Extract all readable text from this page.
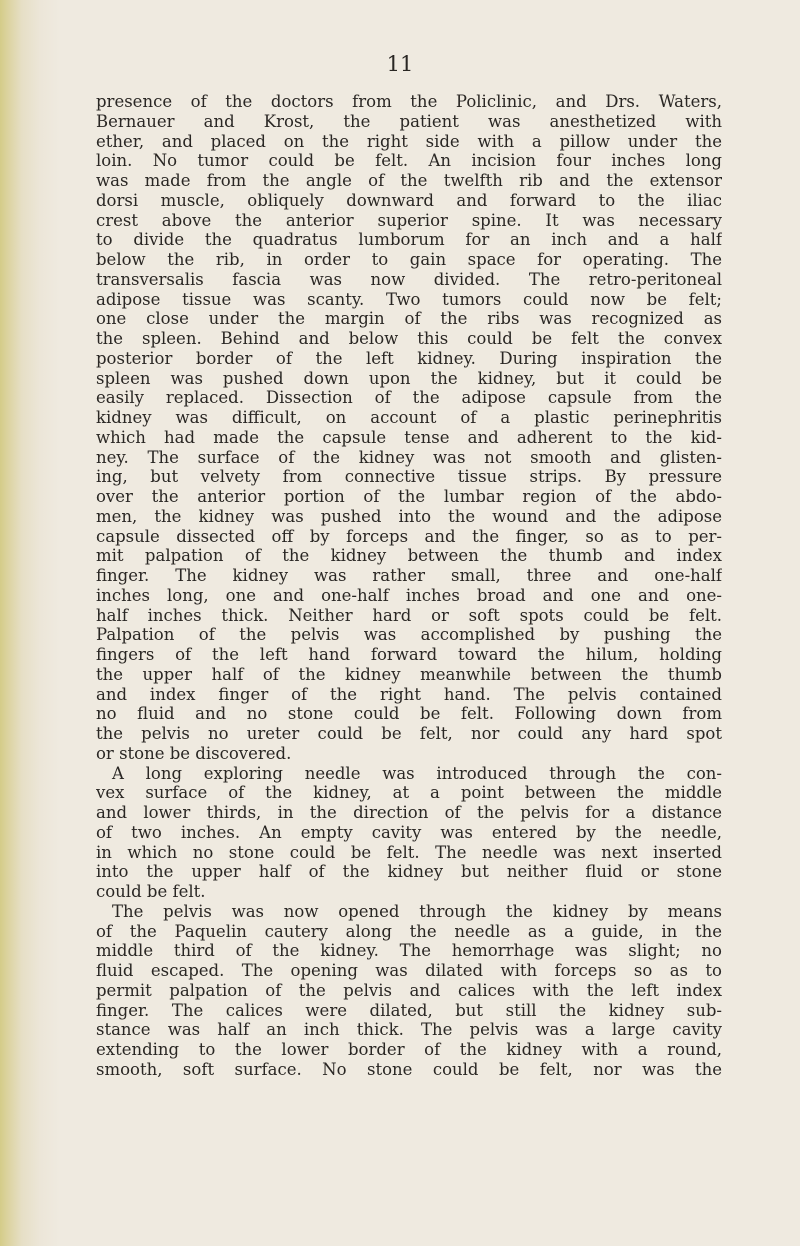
11
presence of the doctors from the Policlinic, and Drs. Waters,
Bernauer and Krost, the patient was anesthetized with
ether, and placed on the right side with a pillow under the
loin. No tumor could be felt. An incision four inches long
was made from the angle of the twelfth rib and the extensor
dorsi muscle, obliquely downward and forward to the iliac
crest above the anterior superior spine. It was necessary
to divide the quadratus lumborum for an inch and a half
below the rib, in order to gain space for operating. The
transversalis fascia was now divided. The retro-peritoneal
adipose tissue was scanty. Two tumors could now be felt;
one close under the margin of the ribs was recognized as
the spleen. Behind and below this could be felt the convex
posterior border of the left kidney. During inspiration the
spleen was pushed down upon the kidney, but it could be
easily replaced. Dissection of the adipose capsule from the
kidney was difficult, on account of a plastic perinephritis
which had made the capsule tense and adherent to the kid-
ney. The surface of the kidney was not smooth and glisten-
ing, but velvety from connective tissue strips. By pressure
over the anterior portion of the lumbar region of the abdo-
men, the kidney was pushed into the wound and the adipose
capsule dissected off by forceps and the finger, so as to per-
mit palpation of the kidney between the thumb and index
finger. The kidney was rather small, three and one-half
inches long, one and one-half inches broad and one and one-
half inches thick. Neither hard or soft spots could be felt.
Palpation of the pelvis was accomplished by pushing the
fingers of the left hand forward toward the hilum, holding
the upper half of the kidney meanwhile between the thumb
and index finger of the right hand. The pelvis contained
no fluid and no stone could be felt. Following down from
the pelvis no ureter could be felt, nor could any hard spot
or stone be discovered.
A long exploring needle was introduced through the con-
vex surface of the kidney, at a point between the middle
and lower thirds, in the direction of the pelvis for a distance
of two inches. An empty cavity was entered by the needle,
in which no stone could be felt. The needle was next inserted
into the upper half of the kidney but neither fluid or stone
could be felt.
The pelvis was now opened through the kidney by means
of the Paquelin cautery along the needle as a guide, in the
middle third of the kidney. The hemorrhage was slight; no
fluid escaped. The opening was dilated with forceps so as to
permit palpation of the pelvis and calices with the left index
finger. The calices were dilated, but still the kidney sub-
stance was half an inch thick. The pelvis was a large cavity
extending to the lower border of the kidney with a round,
smooth, soft surface. No stone could be felt, nor was the
